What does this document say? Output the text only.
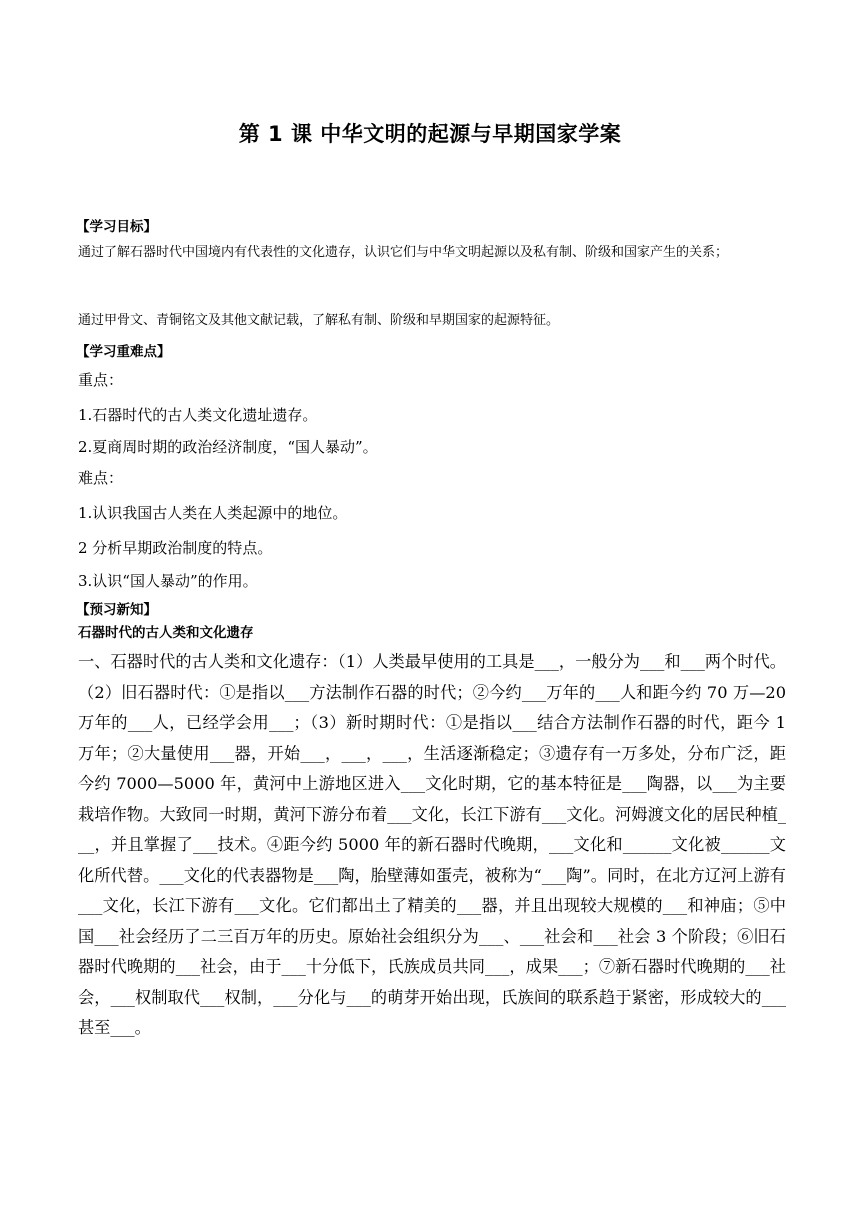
第 1 课 中华文明的起源与早期国家学案
【学习目标】
通过了解石器时代中国境内有代表性的文化遗存，认识它们与中华文明起源以及私有制、阶级和国家产生的关系；
通过甲骨文、青铜铭文及其他文献记载，了解私有制、阶级和早期国家的起源特征。
【学习重难点】
重点：
1.石器时代的古人类文化遗址遗存。
2.夏商周时期的政治经济制度，“国人暴动”。
难点：
1.认识我国古人类在人类起源中的地位。
2 分析早期政治制度的特点。
3.认识“国人暴动”的作用。
【预习新知】
石器时代的古人类和文化遗存
一、石器时代的古人类和文化遗存：（1）人类最早使用的工具是___，一般分为___和___两个时代。（2）旧石器时代：①是指以___方法制作石器的时代；②今约___万年的___人和距今约 70 万—20 万年的___人，已经学会用___；（3）新时期时代：①是指以___结合方法制作石器的时代，距今 1 万年；②大量使用___器，开始___，___，___，生活逐渐稳定；③遗存有一万多处，分布广泛，距今约 7000—5000 年，黄河中上游地区进入___文化时期，它的基本特征是___陶器，以___为主要栽培作物。大致同一时期，黄河下游分布着___文化，长江下游有___文化。河姆渡文化的居民种植___，并且掌握了___技术。④距今约 5000 年的新石器时代晚期，___文化和______文化被______文化所代替。___文化的代表器物是___陶，胎壁薄如蛋壳，被称为“___陶”。同时，在北方辽河上游有___文化，长江下游有___文化。它们都出土了精美的___器，并且出现较大规模的___和神庙；⑤中国___社会经历了二三百万年的历史。原始社会组织分为___、___社会和___社会 3 个阶段；⑥旧石器时代晚期的___社会，由于___十分低下，氏族成员共同___，成果___；⑦新石器时代晚期的___社会，___权制取代___权制，___分化与___的萌芽开始出现，氏族间的联系趋于紧密，形成较大的___甚至___。
